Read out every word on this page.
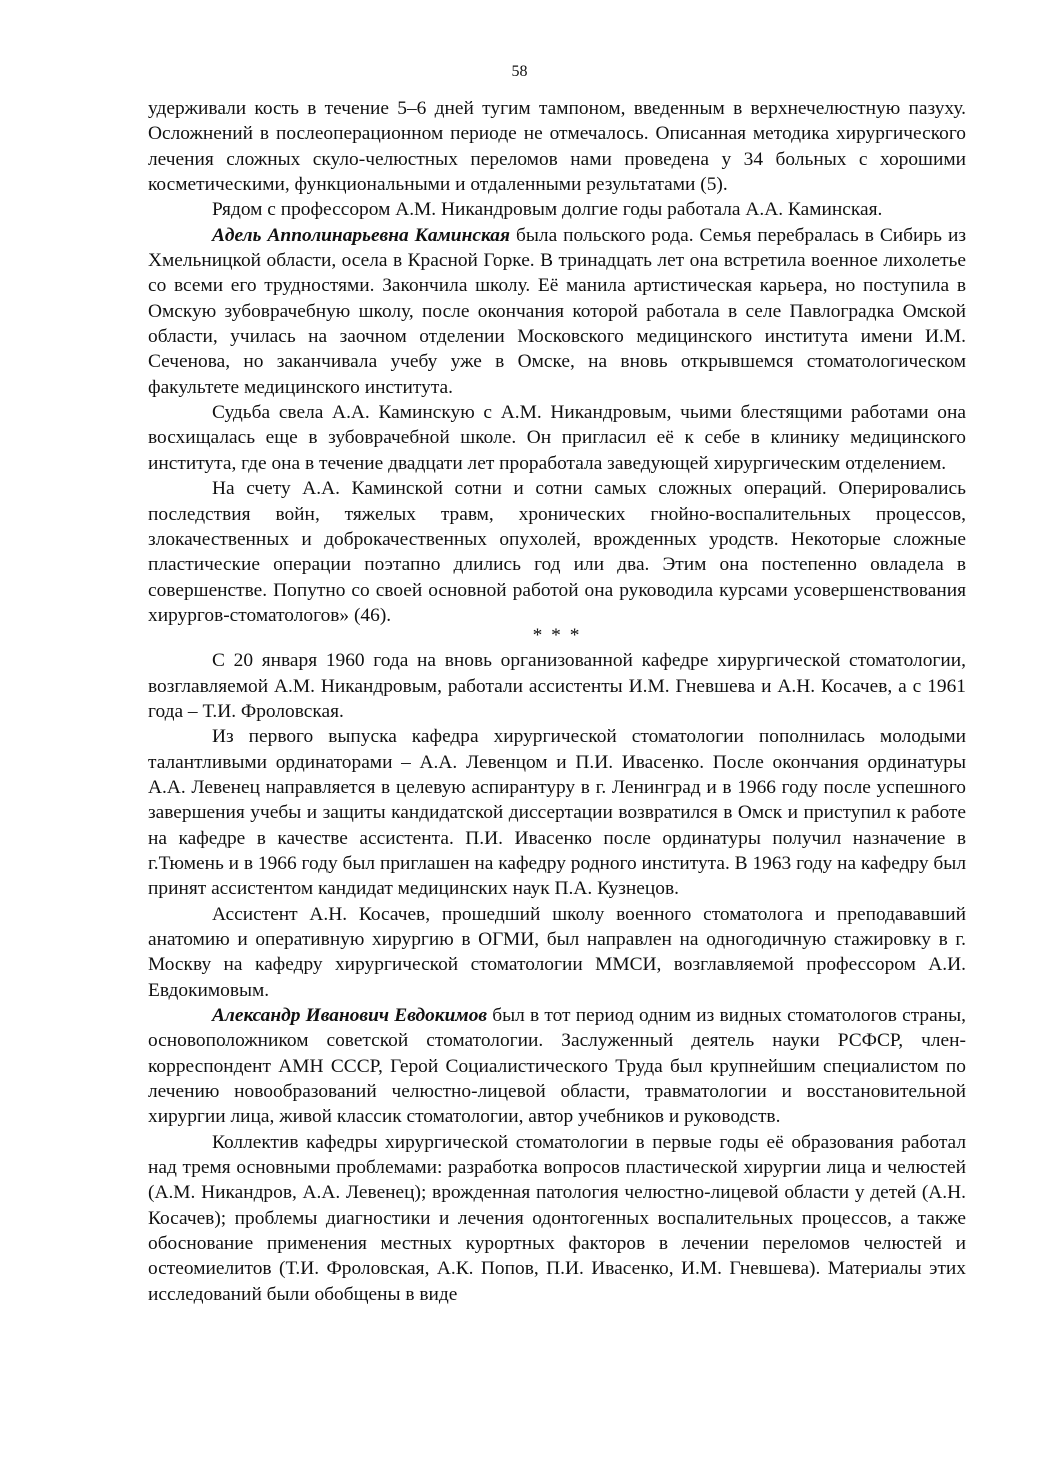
58

удерживали кость в течение 5–6 дней тугим тампоном, введенным в верхнечелюстную пазуху. Осложнений в послеоперационном периоде не отмечалось. Описанная методика хирургического лечения сложных скуло-челюстных переломов нами проведена у 34 больных с хорошими косметическими, функциональными и отдаленными результатами (5).

Рядом с профессором А.М. Никандровым долгие годы работала А.А. Каминская.

Адель Апполинарьевна Каминская была польского рода. Семья перебралась в Сибирь из Хмельницкой области, осела в Красной Горке. В тринадцать лет она встретила военное лихолетье со всеми его трудностями. Закончила школу. Её манила артистическая карьера, но поступила в Омскую зубоврачебную школу, после окончания которой работала в селе Павлоградка Омской области, училась на заочном отделении Московского медицинского института имени И.М. Сеченова, но заканчивала учебу уже в Омске, на вновь открывшемся стоматологическом факультете медицинского института.

Судьба свела А.А. Каминскую с А.М. Никандровым, чьими блестящими работами она восхищалась еще в зубоврачебной школе. Он пригласил её к себе в клинику медицинского института, где она в течение двадцати лет проработала заведующей хирургическим отделением.

На счету А.А. Каминской сотни и сотни самых сложных операций. Оперировались последствия войн, тяжелых травм, хронических гнойно-воспалительных процессов, злокачественных и доброкачественных опухолей, врожденных уродств. Некоторые сложные пластические операции поэтапно длились год или два. Этим она постепенно овладела в совершенстве. Попутно со своей основной работой она руководила курсами усовершенствования хирургов-стоматологов» (46).

* * *

С 20 января 1960 года на вновь организованной кафедре хирургической стоматологии, возглавляемой А.М. Никандровым, работали ассистенты И.М. Гневшева и А.Н. Косачев, а с 1961 года – Т.И. Фроловская.

Из первого выпуска кафедра хирургической стоматологии пополнилась молодыми талантливыми ординаторами – А.А. Левенцом и П.И. Ивасенко. После окончания ординатуры А.А. Левенец направляется в целевую аспирантуру в г. Ленинград и в 1966 году после успешного завершения учебы и защиты кандидатской диссертации возвратился в Омск и приступил к работе на кафедре в качестве ассистента. П.И. Ивасенко после ординатуры получил назначение в г.Тюмень и в 1966 году был приглашен на кафедру родного института. В 1963 году на кафедру был принят ассистентом кандидат медицинских наук П.А. Кузнецов.

Ассистент А.Н. Косачев, прошедший школу военного стоматолога и преподававший анатомию и оперативную хирургию в ОГМИ, был направлен на одногодичную стажировку в г. Москву на кафедру хирургической стоматологии ММСИ, возглавляемой профессором А.И. Евдокимовым.

Александр Иванович Евдокимов был в тот период одним из видных стоматологов страны, основоположником советской стоматологии. Заслуженный деятель науки РСФСР, член-корреспондент АМН СССР, Герой Социалистического Труда был крупнейшим специалистом по лечению новообразований челюстно-лицевой области, травматологии и восстановительной хирургии лица, живой классик стоматологии, автор учебников и руководств.

Коллектив кафедры хирургической стоматологии в первые годы её образования работал над тремя основными проблемами: разработка вопросов пластической хирургии лица и челюстей (А.М. Никандров, А.А. Левенец); врожденная патология челюстно-лицевой области у детей (А.Н. Косачев); проблемы диагностики и лечения одонтогенных воспалительных процессов, а также обоснование применения местных курортных факторов в лечении переломов челюстей и остеомиелитов (Т.И. Фроловская, А.К. Попов, П.И. Ивасенко, И.М. Гневшева). Материалы этих исследований были обобщены в виде
